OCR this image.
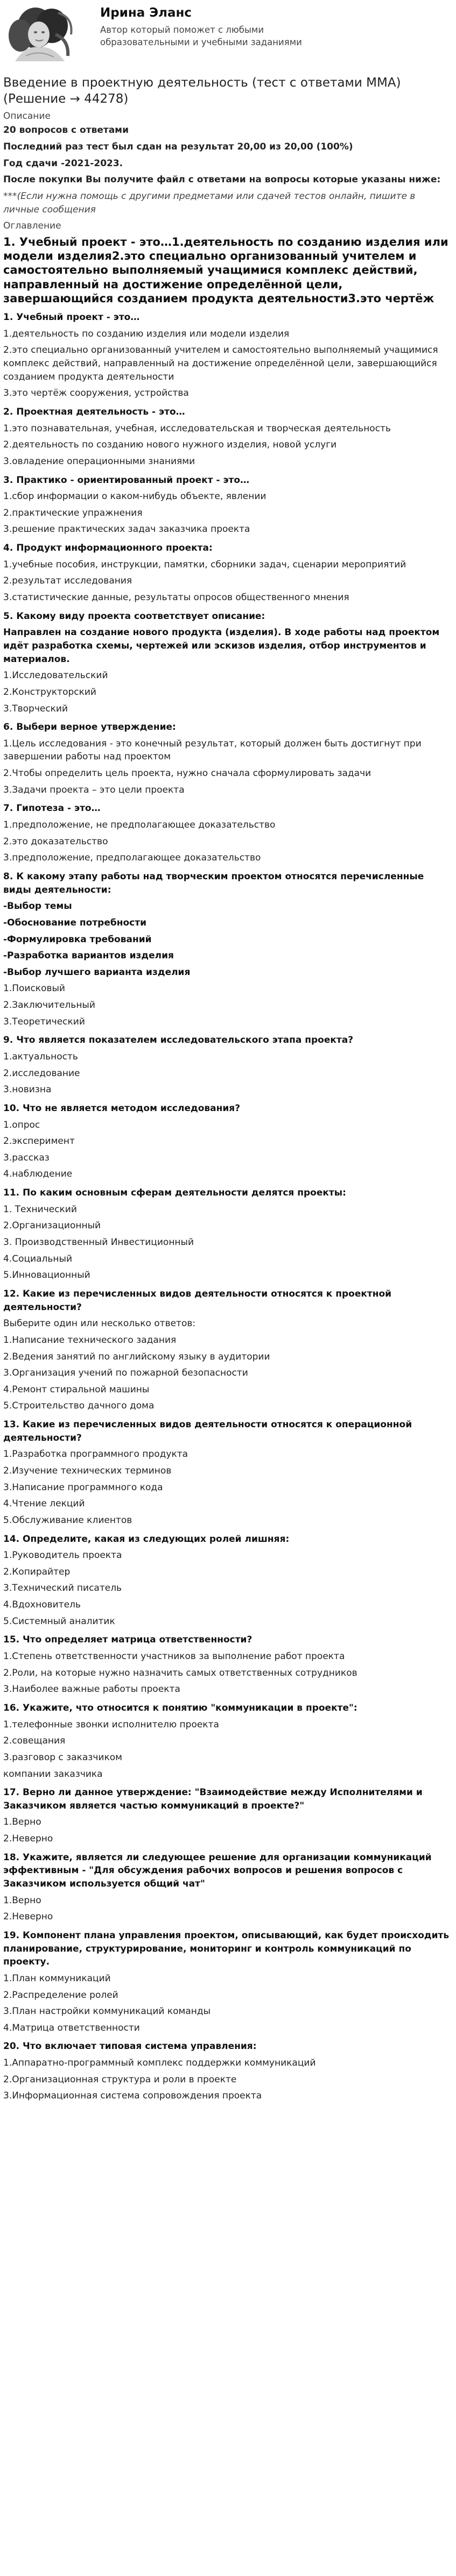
Ирина Эланс
Автор который поможет с любыми образовательными и учебными заданиями
Введение в проектную деятельность (тест с ответами ММА) (Решение → 44278)
Описание
20 вопросов с ответами
Последний раз тест был сдан на результат 20,00 из 20,00 (100%)
Год сдачи -2021-2023.
После покупки Вы получите файл с ответами на вопросы которые указаны ниже:
***(Если нужна помощь с другими предметами или сдачей тестов онлайн, пишите в личные сообщения
Оглавление
1. Учебный проект - это…1.деятельность по созданию изделия или модели изделия2.это специально организованный учителем и самостоятельно выполняемый учащимися комплекс действий, направленный на достижение определённой цели, завершающийся созданием продукта деятельности3.это чертёж
1. Учебный проект - это…
1.деятельность по созданию изделия или модели изделия
2.это специально организованный учителем и самостоятельно выполняемый учащимися комплекс действий, направленный на достижение определённой цели, завершающийся созданием продукта деятельности
3.это чертёж сооружения, устройства
2. Проектная деятельность - это…
1.это познавательная, учебная, исследовательская и творческая деятельность
2.деятельность по созданию нового нужного изделия, новой услуги
3.овладение операционными знаниями
3. Практико - ориентированный проект - это…
1.сбор информации о каком-нибудь объекте, явлении
2.практические упражнения
3.решение практических задач заказчика проекта
4. Продукт информационного проекта:
1.учебные пособия, инструкции, памятки, сборники задач, сценарии мероприятий
2.результат исследования
3.статистические данные, результаты опросов общественного мнения
5. Какому виду проекта соответствует описание:
Направлен на создание нового продукта (изделия). В ходе работы над проектом идёт разработка схемы, чертежей или эскизов изделия, отбор инструментов и материалов.
1.Исследовательский
2.Конструкторский
3.Творческий
6. Выбери верное утверждение:
1.Цель исследования - это конечный результат, который должен быть достигнут при завершении работы над проектом
2.Чтобы определить цель проекта, нужно сначала сформулировать задачи
3.Задачи проекта – это цели проекта
7. Гипотеза - это…
1.предположение, не предполагающее доказательство
2.это доказательство
3.предположение, предполагающее доказательство
8. К какому этапу работы над творческим проектом относятся перечисленные виды деятельности:
-Выбор темы
-Обоснование потребности
-Формулировка требований
-Разработка вариантов изделия
-Выбор лучшего варианта изделия
1.Поисковый
2.Заключительный
3.Теоретический
9. Что является показателем исследовательского этапа проекта?
1.актуальность
2.исследование
3.новизна
10. Что не является методом исследования?
1.опрос
2.эксперимент
3.рассказ
4.наблюдение
11. По каким основным сферам деятельности делятся проекты:
1. Технический
2.Организационный
3. Производственный Инвестиционный
4.Социальный
5.Инновационный
12. Какие из перечисленных видов деятельности относятся к проектной деятельности?
Выберите один или несколько ответов:
1.Написание технического задания
2.Ведения занятий по английскому языку в аудитории
3.Организация учений по пожарной безопасности
4.Ремонт стиральной машины
5.Строительство дачного дома
13. Какие из перечисленных видов деятельности относятся к операционной деятельности?
1.Разработка программного продукта
2.Изучение технических терминов
3.Написание программного кода
4.Чтение лекций
5.Обслуживание клиентов
14. Определите, какая из следующих ролей лишняя:
1.Руководитель проекта
2.Копирайтер
3.Технический писатель
4.Вдохновитель
5.Системный аналитик
15. Что определяет матрица ответственности?
1.Степень ответственности участников за выполнение работ проекта
2.Роли, на которые нужно назначить самых ответственных сотрудников
3.Наиболее важные работы проекта
16. Укажите, что относится к понятию "коммуникации в проекте":
1.телефонные звонки исполнителю проекта
2.совещания
3.разговор с заказчиком
компании заказчика
17. Верно ли данное утверждение: "Взаимодействие между Исполнителями и Заказчиком является частью коммуникаций в проекте?"
1.Верно
2.Неверно
18. Укажите, является ли следующее решение для организации коммуникаций эффективным - "Для обсуждения рабочих вопросов и решения вопросов с Заказчиком используется общий чат"
1.Верно
2.Неверно
19. Компонент плана управления проектом, описывающий, как будет происходить планирование, структурирование, мониторинг и контроль коммуникаций по проекту.
1.План коммуникаций
2.Распределение ролей
3.План настройки коммуникаций команды
4.Матрица ответственности
20. Что включает типовая система управления:
1.Аппаратно-программный комплекс поддержки коммуникаций
2.Организационная структура и роли в проекте
3.Информационная система сопровождения проекта
